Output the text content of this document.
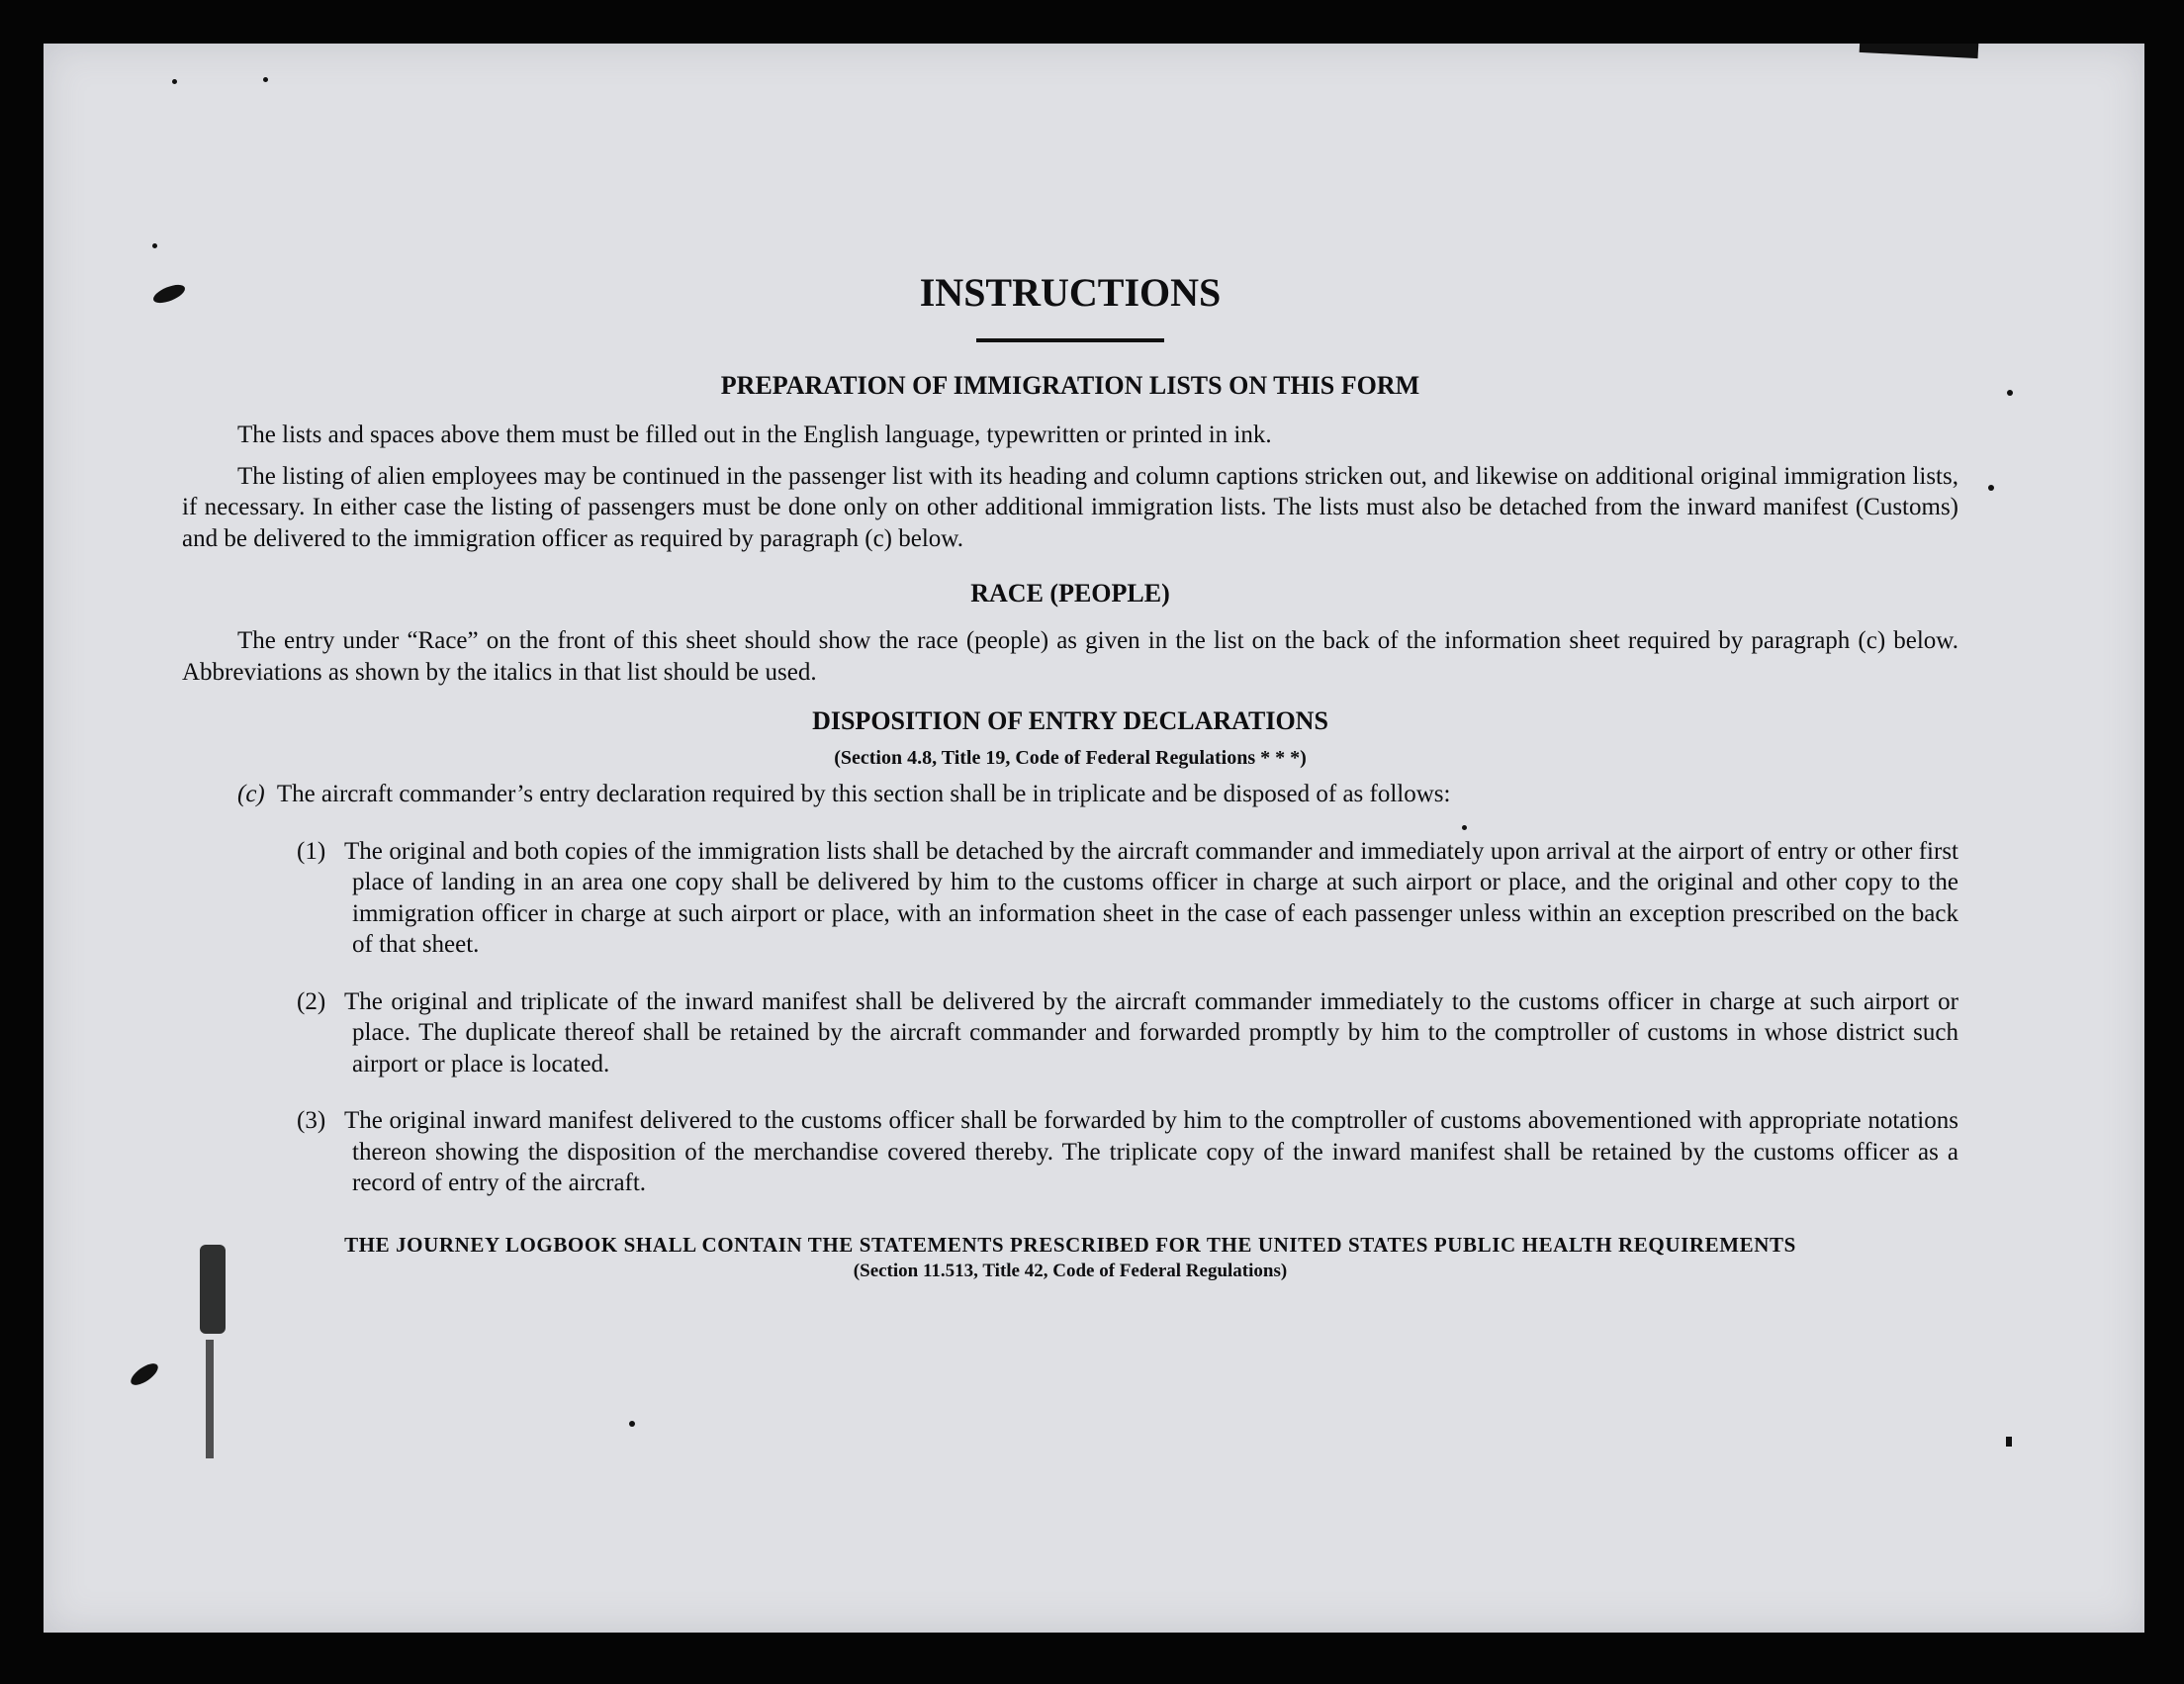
INSTRUCTIONS

PREPARATION OF IMMIGRATION LISTS ON THIS FORM

The lists and spaces above them must be filled out in the English language, typewritten or printed in ink.

The listing of alien employees may be continued in the passenger list with its heading and column captions stricken out, and likewise on additional original immigration lists, if necessary. In either case the listing of passengers must be done only on other additional immigration lists. The lists must also be detached from the inward manifest (Customs) and be delivered to the immigration officer as required by paragraph (c) below.

RACE (PEOPLE)

The entry under “Race” on the front of this sheet should show the race (people) as given in the list on the back of the information sheet required by paragraph (c) below. Abbreviations as shown by the italics in that list should be used.

DISPOSITION OF ENTRY DECLARATIONS

(Section 4.8, Title 19, Code of Federal Regulations * * *)

(c) The aircraft commander’s entry declaration required by this section shall be in triplicate and be disposed of as follows:

(1) The original and both copies of the immigration lists shall be detached by the aircraft commander and immediately upon arrival at the airport of entry or other first place of landing in an area one copy shall be delivered by him to the customs officer in charge at such airport or place, and the original and other copy to the immigration officer in charge at such airport or place, with an information sheet in the case of each passenger unless within an exception prescribed on the back of that sheet.

(2) The original and triplicate of the inward manifest shall be delivered by the aircraft commander immediately to the customs officer in charge at such airport or place. The duplicate thereof shall be retained by the aircraft commander and forwarded promptly by him to the comptroller of customs in whose district such airport or place is located.

(3) The original inward manifest delivered to the customs officer shall be forwarded by him to the comptroller of customs abovementioned with appropriate notations thereon showing the disposition of the merchandise covered thereby. The triplicate copy of the inward manifest shall be retained by the customs officer as a record of entry of the aircraft.

THE JOURNEY LOGBOOK SHALL CONTAIN THE STATEMENTS PRESCRIBED FOR THE UNITED STATES PUBLIC HEALTH REQUIREMENTS

(Section 11.513, Title 42, Code of Federal Regulations)
